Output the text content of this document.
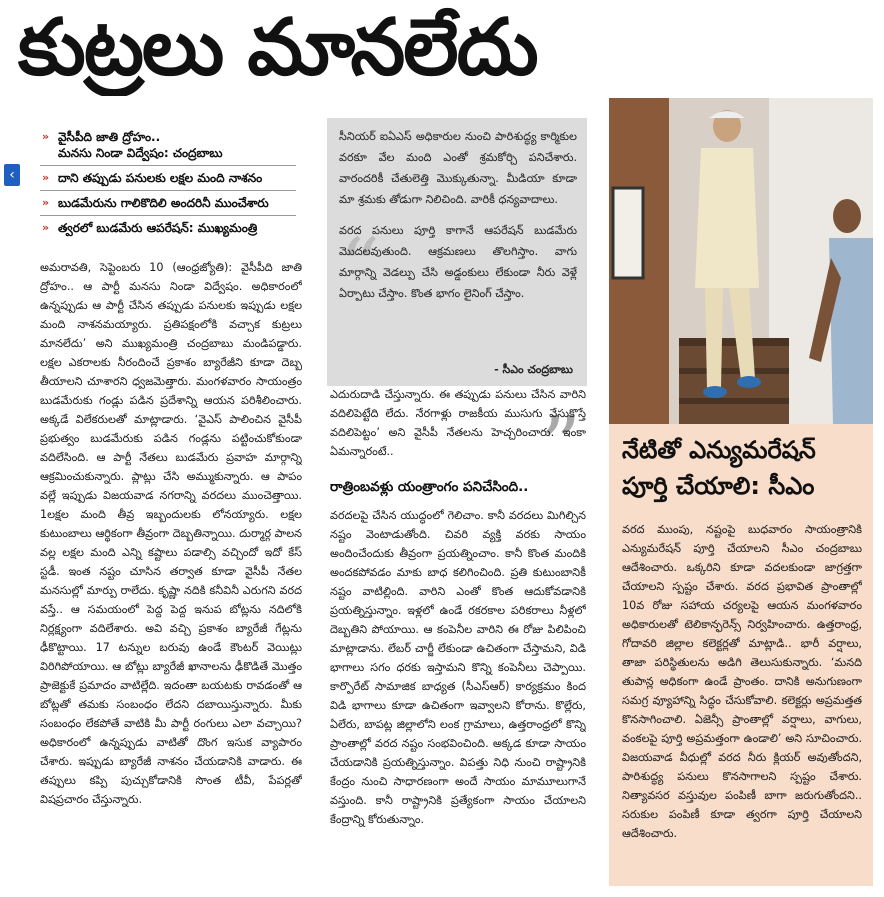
కుట్రలు మానలేదు
‹
» వైసీపీది జాతి ద్రోహం..
మనసు నిండా విద్వేషం: చంద్రబాబు
» దాని తప్పుడు పనులకు లక్షల మంది నాశనం
» బుడమేరును గాలికొదిలి అందరినీ ముంచేశారు
» త్వరలో బుడమేరు ఆపరేషన్: ముఖ్యమంత్రి
అమరావతి, సెప్టెంబరు 10 (ఆంధ్రజ్యోతి): వైసీపీది జాతి ద్రోహం.. ఆ పార్టీ మనసు నిండా విద్వేషం. అధికారంలో ఉన్నప్పుడు ఆ పార్టీ చేసిన తప్పుడు పనులకు ఇప్పుడు లక్షల మంది నాశనమయ్యారు. ప్రతిపక్షంలోకి వచ్చాక కుట్రలు మానలేదు’ అని ముఖ్యమంత్రి చంద్రబాబు మండిపడ్డారు. లక్షల ఎకరాలకు నీరందించే ప్రకాశం బ్యారేజీని కూడా దెబ్బ తీయాలని చూశారని ధ్వజమెత్తారు. మంగళవారం సాయంత్రం బుడమేరుకు గండ్లు పడిన ప్రదేశాన్ని ఆయన పరిశీలించారు. అక్కడే విలేకరులతో మాట్లాడారు. ‘వైఎస్ పాలించిన వైసీపీ ప్రభుత్వం బుడమేరుకు పడిన గండ్లను పట్టించుకోకుండా వదిలేసింది. ఆ పార్టీ నేతలు బుడమేరు ప్రవాహ మార్గాన్ని ఆక్రమించుకున్నారు. ప్లాట్లు చేసి అమ్ముకున్నారు. ఆ పాపం వల్లే ఇప్పుడు విజయవాడ నగరాన్ని వరదలు ముంచెత్తాయి. 1లక్షల మంది తీవ్ర ఇబ్బందులకు లోనయ్యారు. లక్షల కుటుంబాలు ఆర్థికంగా తీవ్రంగా దెబ్బతిన్నాయి. దుర్మార్గ పాలన వల్ల లక్షల మంది ఎన్ని కష్టాలు పడాల్సి వచ్చిందో ఇదో కేస్ స్టడీ. ఇంత నష్టం చూసిన తర్వాత కూడా వైసీపీ నేతల మనసుల్లో మార్పు రాలేదు. కృష్ణా నదికి కనీవినీ ఎరుగని వరద వస్తే.. ఆ సమయంలో పెద్ద పెద్ద ఇనుప బోట్లను నదిలోకి నిర్లక్ష్యంగా వదిలేశారు. అవి వచ్చి ప్రకాశం బ్యారేజీ గేట్లను ఢీకొట్టాయి. 17 టన్నుల బరువు ఉండే కౌంటర్ వెయిట్లు విరిగిపోయాయి. ఆ బోట్లు బ్యారేజీ ఖానాలను ఢీకొడితే మొత్తం ప్రాజెక్టుకే ప్రమాదం వాటిల్లేది. ఇదంతా బయటకు రావడంతో ఆ బోట్లతో తమకు సంబంధం లేదని దబాయిస్తున్నారు. మీకు సంబంధం లేకపోతే వాటికి మీ పార్టీ రంగులు ఎలా వచ్చాయి? అధికారంలో ఉన్నప్పుడు వాటితో దొంగ ఇసుక వ్యాపారం చేశారు. ఇప్పుడు బ్యారేజీ నాశనం చేయడానికి వాడారు. ఈ తప్పులు కప్పి పుచ్చుకోడానికి సొంత టీవీ, పేపర్లతో విషప్రచారం చేస్తున్నారు.
“

సీనియర్ ఐఏఎస్ అధికారుల నుంచి పారిశుద్ధ్య కార్మికుల వరకూ వేల మంది ఎంతో శ్రమకోర్చి పనిచేశారు. వారందరికీ చేతులెత్తి మొక్కుతున్నా. మీడియా కూడా మా శ్రమకు తోడుగా నిలిచింది. వారికీ ధన్యవాదాలు.

వరద పనులు పూర్తి కాగానే ఆపరేషన్ బుడమేరు మొదలవుతుంది. ఆక్రమణలు తొలగిస్తాం. వాగు మార్గాన్ని వెడల్పు చేసి అడ్డంకులు లేకుండా నీరు వెళ్లే ఏర్పాటు చేస్తాం. కొంత భాగం లైనింగ్ చేస్తాం.

”
- సీఎం చంద్రబాబు
ఎదురుదాడి చేస్తున్నారు. ఈ తప్పుడు పనులు చేసిన వారిని వదిలిపెట్టేది లేదు. నేరగాళ్లు రాజకీయ ముసుగు వేసుకొస్తే వదిలిపెట్టం’ అని వైసీపీ నేతలను హెచ్చరించారు. ఇంకా ఏమన్నారంటే..
రాత్రింబవళ్లు యంత్రాంగం పనిచేసింది..
వరదలపై చేసిన యుద్ధంలో గెలిచాం. కానీ వరదలు మిగిల్చిన నష్టం వెంటాడుతోంది. చివరి వ్యక్తి వరకు సాయం అందించేందుకు తీవ్రంగా ప్రయత్నించాం. కానీ కొంత మందికి అందకపోవడం మాకు బాధ కలిగించింది. ప్రతి కుటుంబానికీ నష్టం వాటిల్లింది. వారిని ఎంతో కొంత ఆదుకోవడానికి ప్రయత్నిస్తున్నాం. ఇళ్లలో ఉండే రకరకాల పరికరాలు నీళ్లలో దెబ్బతిని పోయాయి. ఆ కంపెనీల వారిని ఈ రోజు పిలిపించి మాట్లాడాను. లేబర్ చార్జీ లేకుండా ఉచితంగా చేస్తామని, విడి భాగాలు సగం ధరకు ఇస్తామని కొన్ని కంపెనీలు చెప్పాయి. కార్పొరేట్ సామాజిక బాధ్యత (సీఎస్ఆర్) కార్యక్రమం కింద విడి భాగాలు కూడా ఉచితంగా ఇవ్వాలని కోరాను. కొల్లేరు, ఏలేరు, బాపట్ల జిల్లాలోని లంక గ్రామాలు, ఉత్తరాంధ్రలో కొన్ని ప్రాంతాల్లో వరద నష్టం సంభవించింది. అక్కడ కూడా సాయం చేయడానికి ప్రయత్నిస్తున్నాం. విపత్తు నిధి నుంచి రాష్ట్రానికి కేంద్రం నుంచి సాధారణంగా అందే సాయం మామూలుగానే వస్తుంది. కానీ రాష్ట్రానికి ప్రత్యేకంగా సాయం చేయాలని కేంద్రాన్ని కోరుతున్నాం.
నేటితో ఎన్యుమరేషన్ పూర్తి చేయాలి: సీఎం
వరద ముంపు, నష్టంపై బుధవారం సాయంత్రానికి ఎన్యుమరేషన్ పూర్తి చేయాలని సీఎం చంద్రబాబు ఆదేశించారు. ఒక్కరిని కూడా వదలకుండా జాగ్రత్తగా చేయాలని స్పష్టం చేశారు. వరద ప్రభావిత ప్రాంతాల్లో 10వ రోజు సహాయ చర్యలపై ఆయన మంగళవారం అధికారులతో టెలికాన్ఫరెన్స్ నిర్వహించారు. ఉత్తరాంధ్ర, గోదావరి జిల్లాల కలెక్టర్లతో మాట్లాడి.. భారీ వర్షాలు, తాజా పరిస్థితులను అడిగి తెలుసుకున్నారు. ‘మనది తుపాన్ల అధికంగా ఉండే ప్రాంతం. దానికి అనుగుణంగా సమగ్ర వ్యూహాన్ని సిద్ధం చేసుకోవాలి. కలెక్టర్లు అప్రమత్తత కొనసాగించాలి. ఏజెన్సీ ప్రాంతాల్లో వర్షాలు, వాగులు, వంకలపై పూర్తి అప్రమత్తంగా ఉండాలి’ అని సూచించారు. విజయవాడ వీధుల్లో వరద నీరు క్లియర్ అవుతోందని, పారిశుద్ధ్య పనులు కొనసాగాలని స్పష్టం చేశారు. నిత్యావసర వస్తువుల పంపిణీ బాగా జరుగుతోందని.. సరుకుల పంపిణీ కూడా త్వరగా పూర్తి చేయాలని ఆదేశించారు.
